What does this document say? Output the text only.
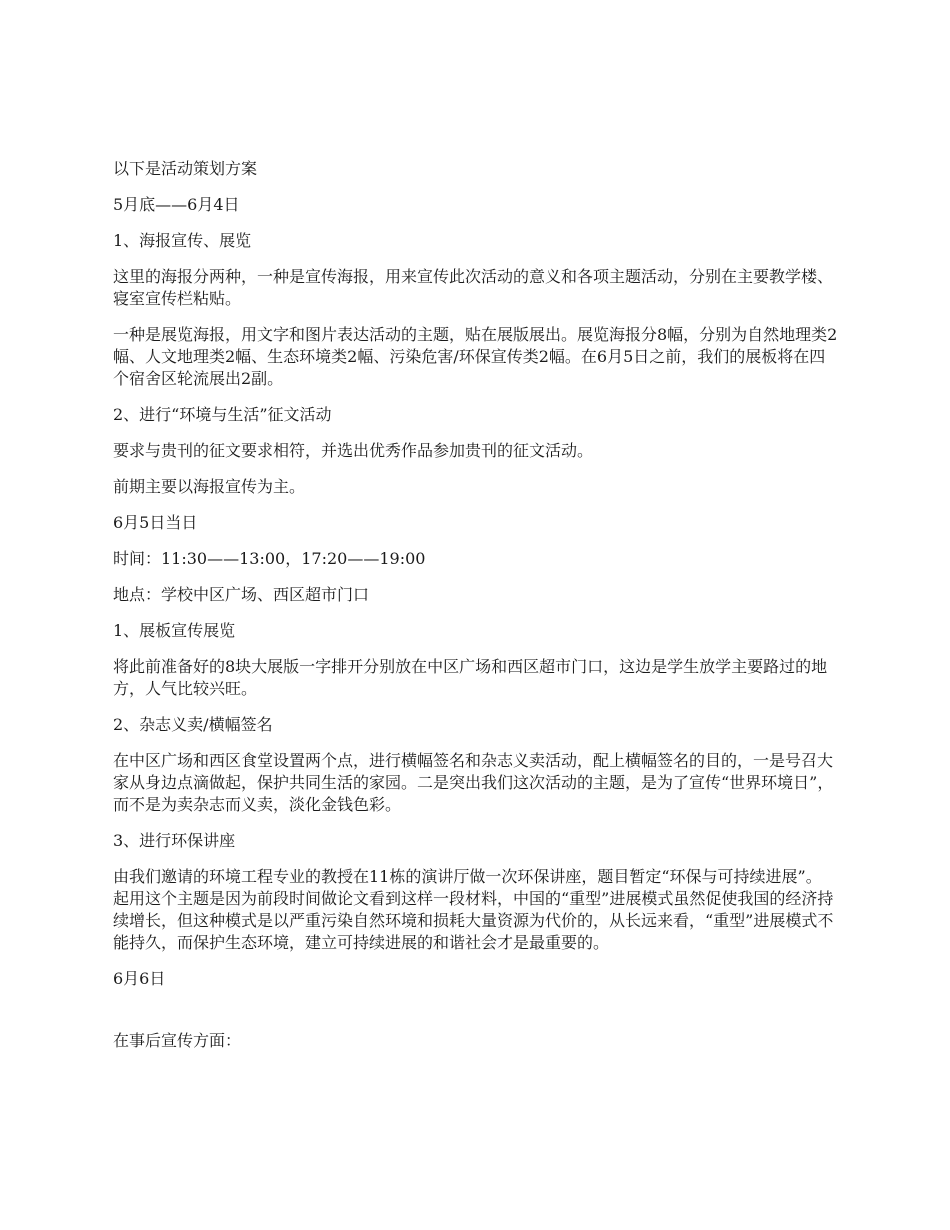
以下是活动策划方案

5月底——6月4日

1、海报宣传、展览

这里的海报分两种，一种是宣传海报，用来宣传此次活动的意义和各项主题活动，分别在主要教学楼、寝室宣传栏粘贴。

一种是展览海报，用文字和图片表达活动的主题，贴在展版展出。展览海报分8幅，分别为自然地理类2幅、人文地理类2幅、生态环境类2幅、污染危害/环保宣传类2幅。在6月5日之前，我们的展板将在四个宿舍区轮流展出2副。

2、进行“环境与生活”征文活动

要求与贵刊的征文要求相符，并选出优秀作品参加贵刊的征文活动。

前期主要以海报宣传为主。

6月5日当日

时间：11:30——13:00，17:20——19:00

地点：学校中区广场、西区超市门口

1、展板宣传展览

将此前准备好的8块大展版一字排开分别放在中区广场和西区超市门口，这边是学生放学主要路过的地方，人气比较兴旺。

2、杂志义卖/横幅签名

在中区广场和西区食堂设置两个点，进行横幅签名和杂志义卖活动，配上横幅签名的目的，一是号召大家从身边点滴做起，保护共同生活的家园。二是突出我们这次活动的主题，是为了宣传“世界环境日”，而不是为卖杂志而义卖，淡化金钱色彩。

3、进行环保讲座

由我们邀请的环境工程专业的教授在11栋的演讲厅做一次环保讲座，题目暂定“环保与可持续进展”。 起用这个主题是因为前段时间做论文看到这样一段材料，中国的“重型”进展模式虽然促使我国的经济持续增长，但这种模式是以严重污染自然环境和损耗大量资源为代价的，从长远来看，“重型”进展模式不能持久，而保护生态环境，建立可持续进展的和谐社会才是最重要的。

6月6日

在事后宣传方面：
